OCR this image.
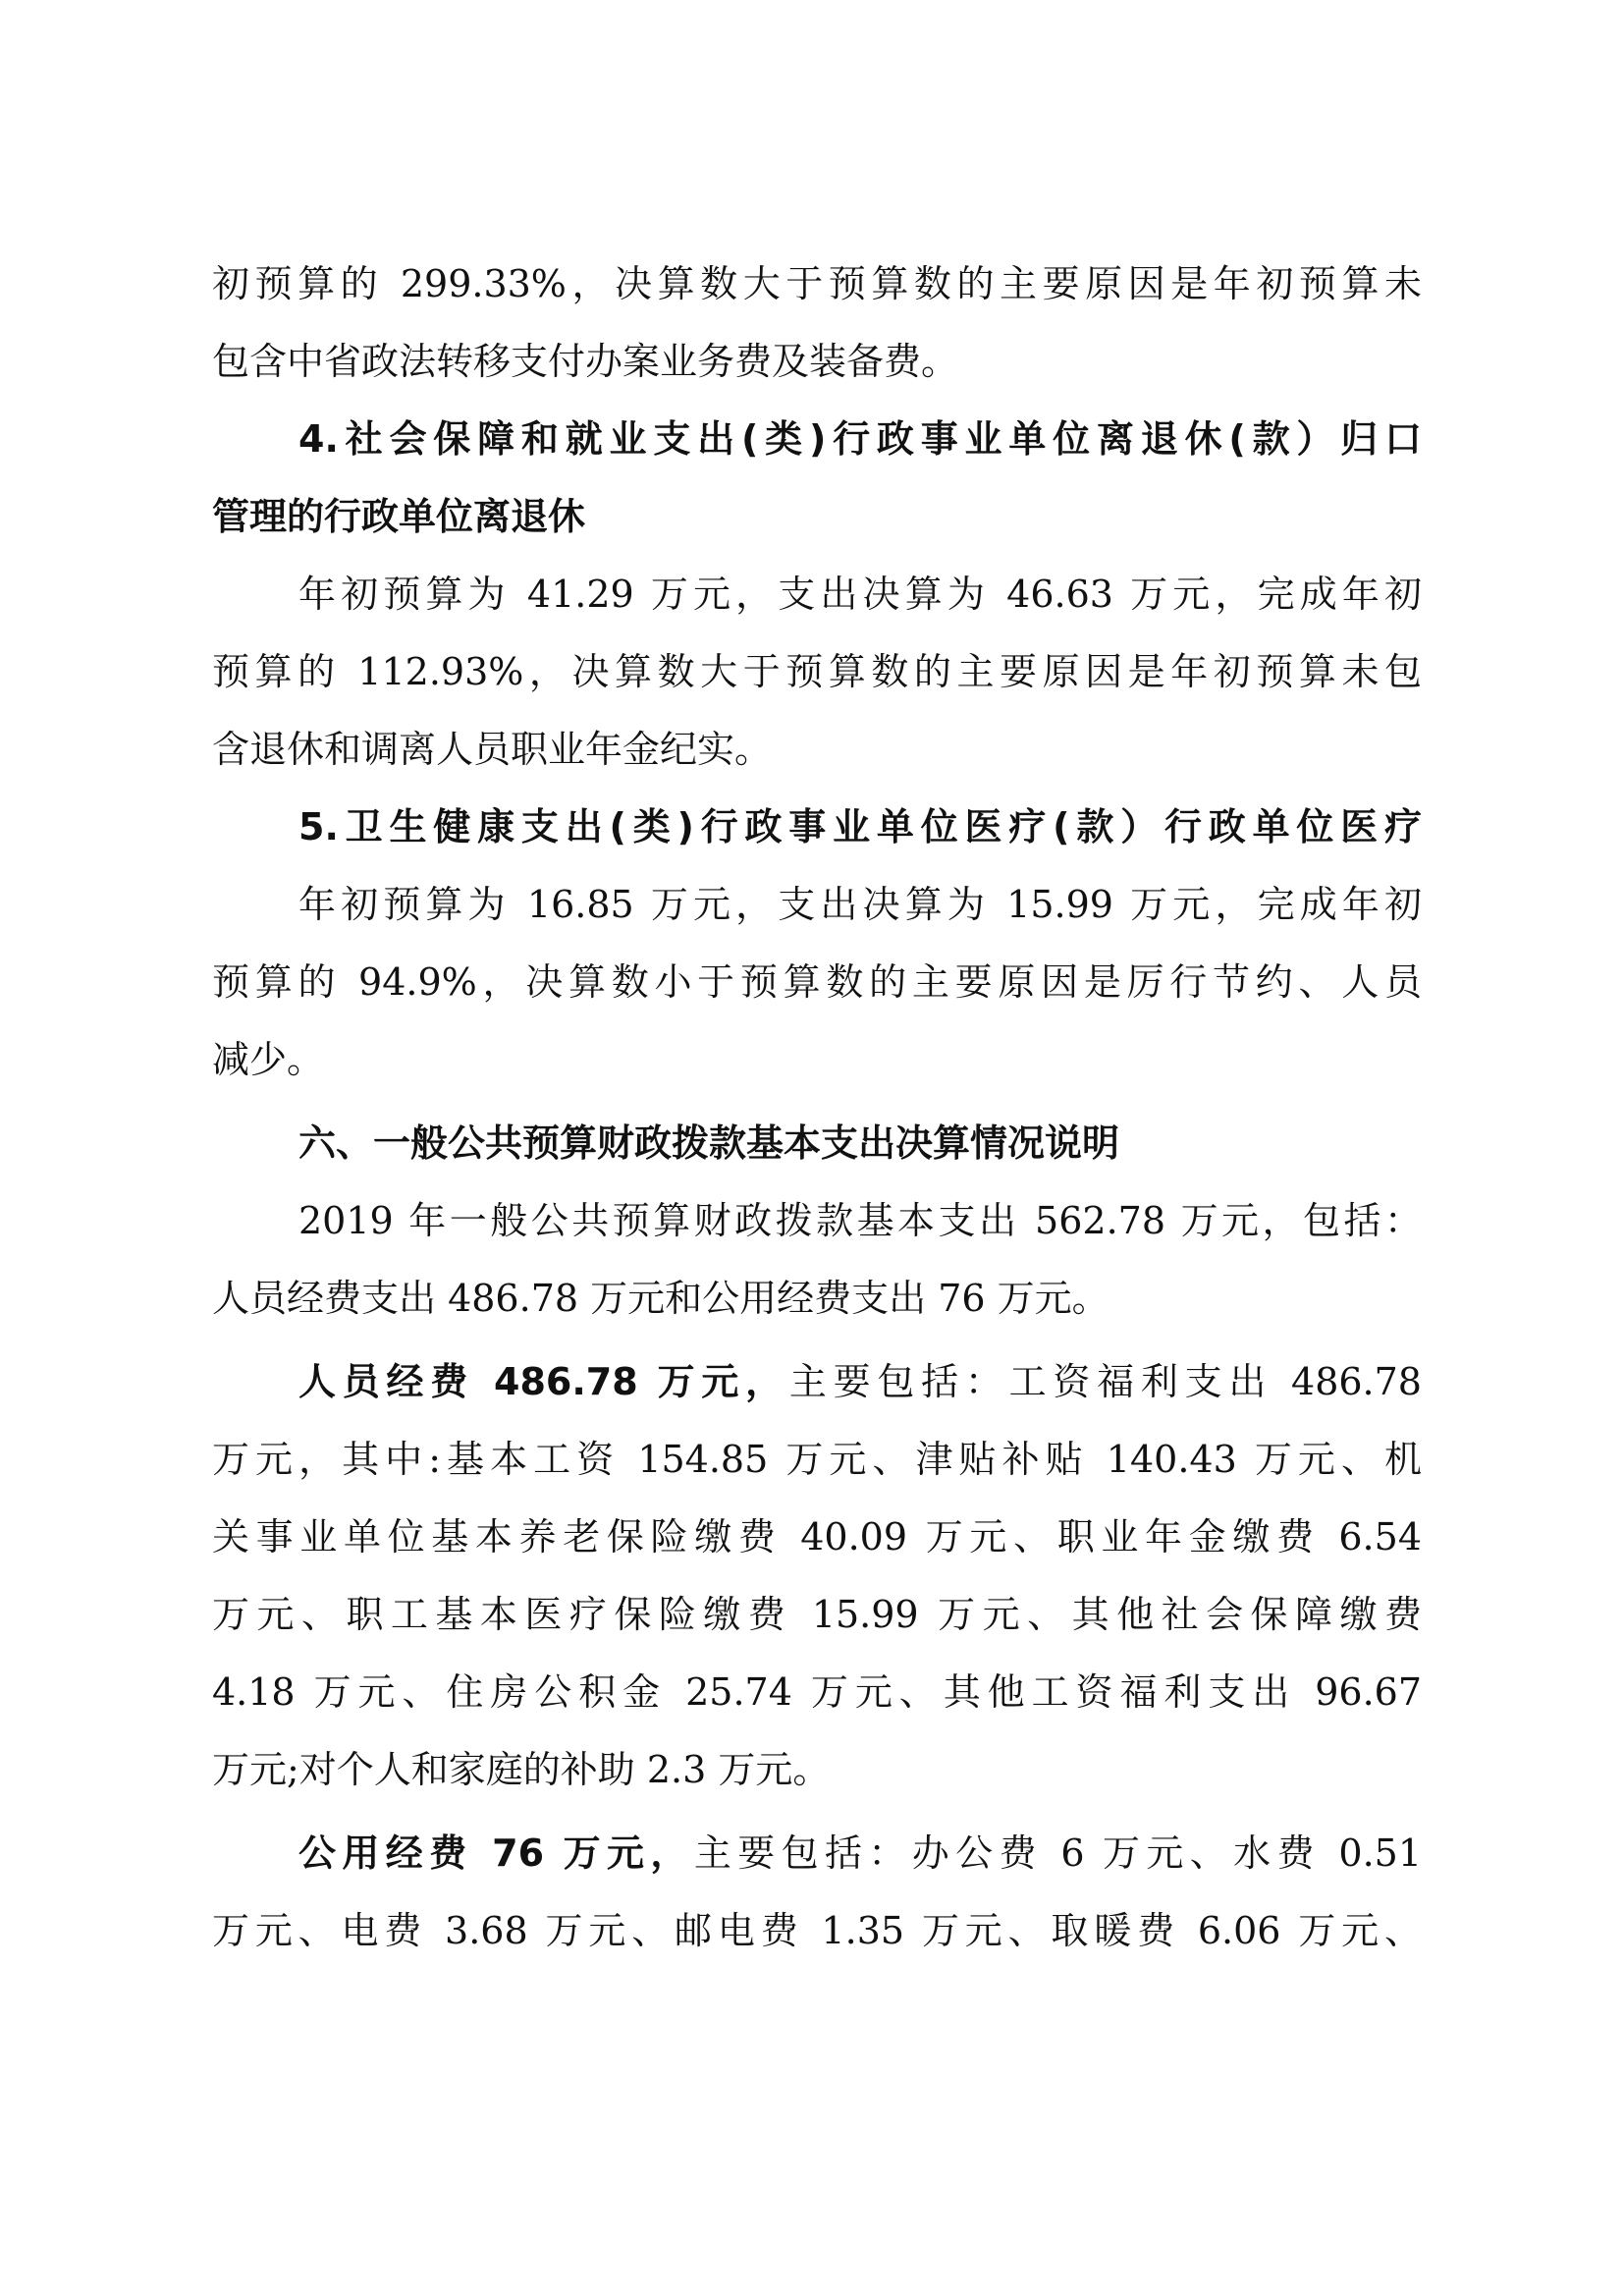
初预算的 299.33%，决算数大于预算数的主要原因是年初预算未

包含中省政法转移支付办案业务费及装备费。

4.社会保障和就业支出(类)行政事业单位离退休(款）归口

管理的行政单位离退休

年初预算为 41.29 万元，支出决算为 46.63 万元，完成年初

预算的 112.93%，决算数大于预算数的主要原因是年初预算未包

含退休和调离人员职业年金纪实。

5.卫生健康支出(类)行政事业单位医疗(款）行政单位医疗

年初预算为 16.85 万元，支出决算为 15.99 万元，完成年初

预算的 94.9%，决算数小于预算数的主要原因是厉行节约、人员

减少。

六、一般公共预算财政拨款基本支出决算情况说明

2019 年一般公共预算财政拨款基本支出 562.78 万元，包括：

人员经费支出 486.78 万元和公用经费支出 76 万元。

人员经费 486.78 万元，主要包括：工资福利支出 486.78

万元，其中:基本工资 154.85 万元、津贴补贴 140.43 万元、机

关事业单位基本养老保险缴费 40.09 万元、职业年金缴费 6.54

万元、职工基本医疗保险缴费 15.99 万元、其他社会保障缴费

4.18 万元、住房公积金 25.74 万元、其他工资福利支出 96.67

万元;对个人和家庭的补助 2.3 万元。

公用经费 76 万元，主要包括：办公费 6 万元、水费 0.51

万元、电费 3.68 万元、邮电费 1.35 万元、取暖费 6.06 万元、
